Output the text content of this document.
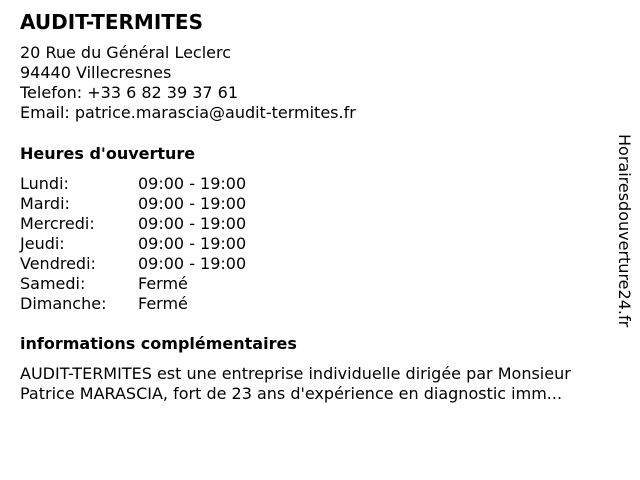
AUDIT-TERMITES
20 Rue du Général Leclerc
94440 Villecresnes
Telefon: +33 6 82 39 37 61
Email: patrice.marascia@audit-termites.fr
Heures d'ouverture
Lundi:	09:00 - 19:00
Mardi:	09:00 - 19:00
Mercredi:	09:00 - 19:00
Jeudi:	09:00 - 19:00
Vendredi:	09:00 - 19:00
Samedi:	Fermé
Dimanche:	Fermé
informations complémentaires
AUDIT-TERMITES est une entreprise individuelle dirigée par Monsieur Patrice MARASCIA, fort de 23 ans d'expérience en diagnostic imm...
Horairesdouverture24.fr
